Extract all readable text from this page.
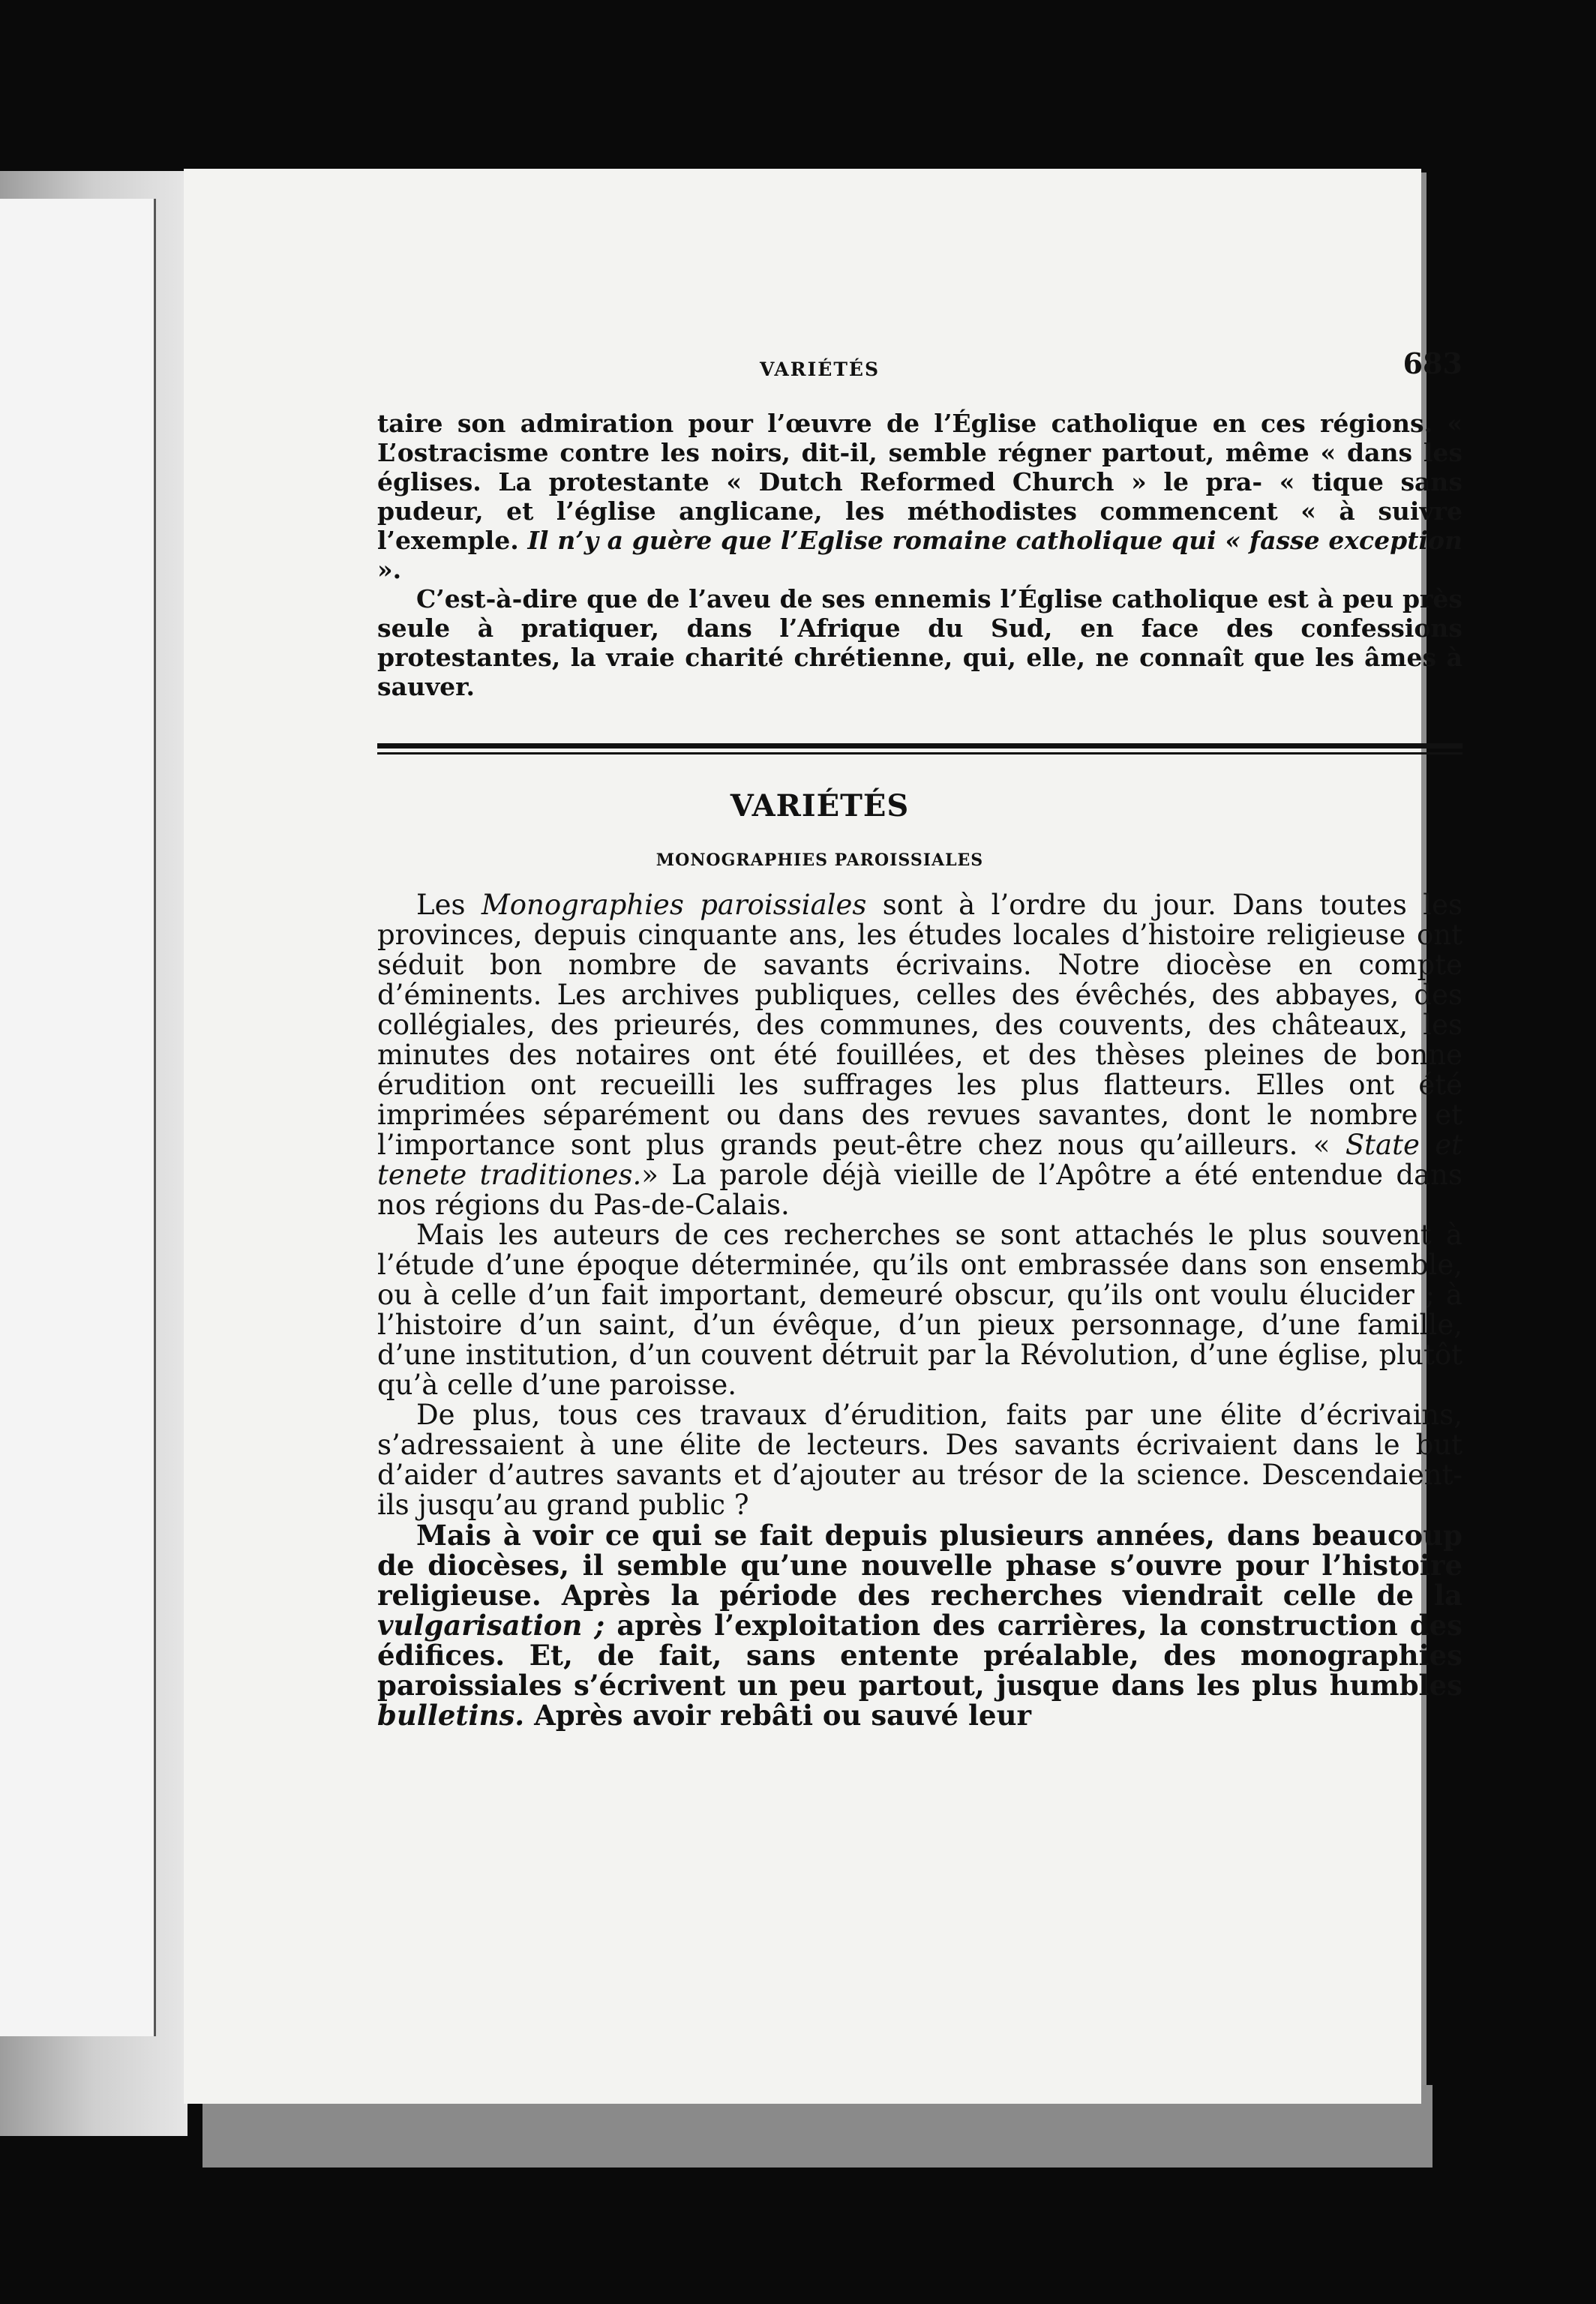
VARIÉTÉS	683

taire son admiration pour l’œuvre de l’Église catholique en ces régions. « L’ostracisme contre les noirs, dit-il, semble régner partout, même « dans les églises. La protestante « Dutch Reformed Church » le pra- « tique sans pudeur, et l’église anglicane, les méthodistes commencent « à suivre l’exemple. Il n’y a guère que l’Eglise romaine catholique qui « fasse exception ».

C’est-à-dire que de l’aveu de ses ennemis l’Église catholique est à peu près seule à pratiquer, dans l’Afrique du Sud, en face des confessions protestantes, la vraie charité chrétienne, qui, elle, ne connaît que les âmes à sauver.

VARIÉTÉS
MONOGRAPHIES PAROISSIALES

Les Monographies paroissiales sont à l’ordre du jour. Dans toutes les provinces, depuis cinquante ans, les études locales d’histoire religieuse ont séduit bon nombre de savants écrivains. Notre diocèse en compte d’éminents. Les archives publiques, celles des évêchés, des abbayes, des collégiales, des prieurés, des communes, des couvents, des châteaux, les minutes des notaires ont été fouillées, et des thèses pleines de bonne érudition ont recueilli les suffrages les plus flatteurs. Elles ont été imprimées séparément ou dans des revues savantes, dont le nombre et l’importance sont plus grands peut-être chez nous qu’ailleurs. « State et tenete traditiones.» La parole déjà vieille de l’Apôtre a été entendue dans nos régions du Pas-de-Calais.

Mais les auteurs de ces recherches se sont attachés le plus souvent à l’étude d’une époque déterminée, qu’ils ont embrassée dans son ensemble, ou à celle d’un fait important, demeuré obscur, qu’ils ont voulu élucider ; à l’histoire d’un saint, d’un évêque, d’un pieux personnage, d’une famille, d’une institution, d’un couvent détruit par la Révolution, d’une église, plutôt qu’à celle d’une paroisse.

De plus, tous ces travaux d’érudition, faits par une élite d’écrivains, s’adressaient à une élite de lecteurs. Des savants écrivaient dans le but d’aider d’autres savants et d’ajouter au trésor de la science. Descendaient-ils jusqu’au grand public ?

Mais à voir ce qui se fait depuis plusieurs années, dans beaucoup de diocèses, il semble qu’une nouvelle phase s’ouvre pour l’histoire religieuse. Après la période des recherches viendrait celle de la vulgarisation ; après l’exploitation des carrières, la construction des édifices. Et, de fait, sans entente préalable, des monographies paroissiales s’écrivent un peu partout, jusque dans les plus humbles bulletins. Après avoir rebâti ou sauvé leur
